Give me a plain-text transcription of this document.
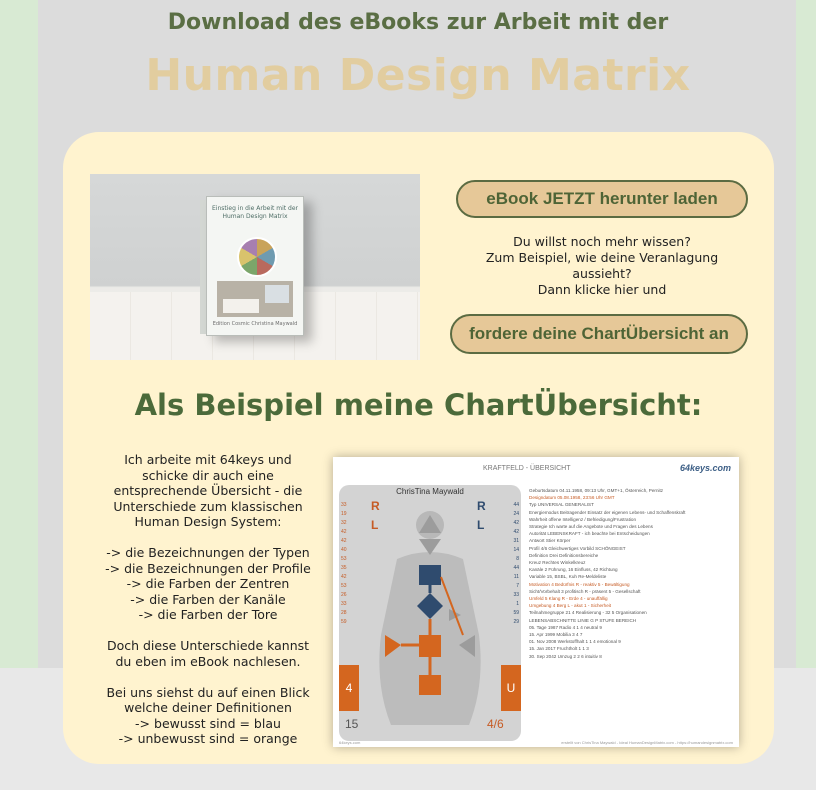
Download des eBooks zur Arbeit mit der
Human Design Matrix
Einstieg in die Arbeit mit der Human Design Matrix
Edition Cosmic Christina Maywald
eBook JETZT herunter laden
Du willst noch mehr wissen?
Zum Beispiel, wie deine Veranlagung aussieht?
Dann klicke hier und
fordere deine ChartÜbersicht an
Als Beispiel meine ChartÜbersicht:

Ich arbeite mit 64keys und
schicke dir auch eine
entsprechende Übersicht - die
Unterschiede zum klassischen
Human Design System:

-> die Bezeichnungen der Typen
-> die Bezeichnungen der Profile
-> die Farben der Zentren
-> die Farben der Kanäle
-> die Farben der Tore

Doch diese Unterschiede kannst
du eben im eBook nachlesen.

Bei uns siehst du auf einen Blick
welche deiner Definitionen
-> bewusst sind = blau
-> unbewusst sind = orange

KRAFTFELD - ÜBERSICHT	64keys.com
ChrisTina Maywald
R
L
R
L
33
19
32
42
42
40
53
35
42
53
26
33
28
59
44
24
42
42
31
14
8
44
11
7
33
1
59
29
4	U
15	4/6
Geburtsdatum 04.11.1958, 09:13 Uhr, GMT+1, Österreich, Pernitz
Designdatum 05.08.1958, 23:56 Uhr GMT
Typ UNIVERSAL GENERALIST
Energiemodus Beitragender Einsatz der eigenen Lebens- und Schaffenskraft
Wahrheit offene Intelligenz / Befriedigung/Frustration
Strategie Ich warte auf die Angebote und Fragen des Lebens
Autorität LEBENSKRAFT - ich beachte bei Entscheidungen
Antwort Stier Körper
Profil 4/6 Gleichwertiges Vorbild SCHÖNGEIST
Definition Drei Definitionsbereiche
Kreuz Rechtes Winkelkreuz
Kanäle 2 Führung, 16 Einfluss, 42 Richtung
Variable 15, BSBL, Kuh Re-Meldeliste
Motivation 4 Bedürfnis R - reaktiv 5 - Bewältigung
Sicht/Vorbehalt 3 profitisch R - präsent 5 - Gesellschaft
Umfeld 5 Klang R - Erde 4 - unauffällig
Umgebung 4 Berg L - akut 1 - Sicherheit
Teilnahmegruppe 21 4 Realisierung - 32 5 Organisationen
LEBENSABSCHNITTE LINIE G P STUFE BEREICH
05. Tage 1987 Radio 4 1 4 neutral 9
15. Apr 1999 Mobilia 3 4 7
01. Nov 2008 Werkstoffhalt 1 1 4 emotional 9
15. Jan 2017 Fruchtholt 1 1 3
30. Sep 2042 Umzug 2 2 6 intuitiv 8
64keys.com	erstellt von ChrisTina Maywald - Ideal HumanDesignMatrix.com - https://humandesignmatrix.com
